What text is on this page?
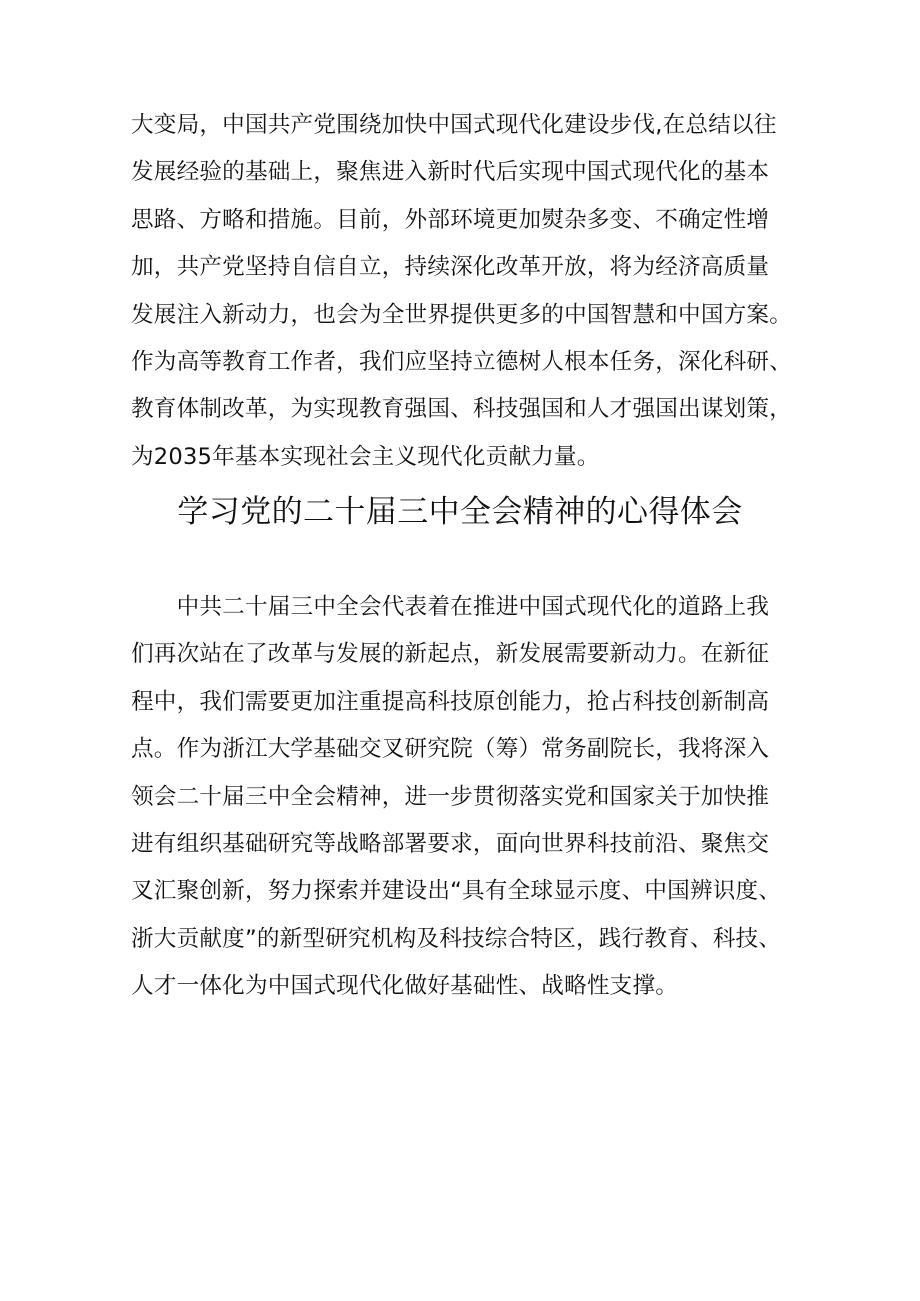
大变局，中国共产党围绕加快中国式现代化建设步伐,在总结以往
发展经验的基础上，聚焦进入新时代后实现中国式现代化的基本
思路、方略和措施。目前，外部环境更加熨杂多变、不确定性增
加，共产党坚持自信自立，持续深化改革开放，将为经济高质量
发展注入新动力，也会为全世界提供更多的中国智慧和中国方案。
作为高等教育工作者，我们应坚持立德树人根本任务，深化科研、
教育体制改革，为实现教育强国、科技强国和人才强国出谋划策，
为2035年基本实现社会主义现代化贡献力量。
学习党的二十届三中全会精神的心得体会
　　中共二十届三中全会代表着在推进中国式现代化的道路上我
们再次站在了改革与发展的新起点，新发展需要新动力。在新征
程中，我们需要更加注重提高科技原创能力，抢占科技创新制高
点。作为浙江大学基础交叉研究院（筹）常务副院长，我将深入
领会二十届三中全会精神，进一步贯彻落实党和国家关于加快推
进有组织基础研究等战略部署要求，面向世界科技前沿、聚焦交
叉汇聚创新，努力探索并建设出“具有全球显示度、中国辨识度、
浙大贡献度”的新型研究机构及科技综合特区，践行教育、科技、
人才一体化为中国式现代化做好基础性、战略性支撑。
